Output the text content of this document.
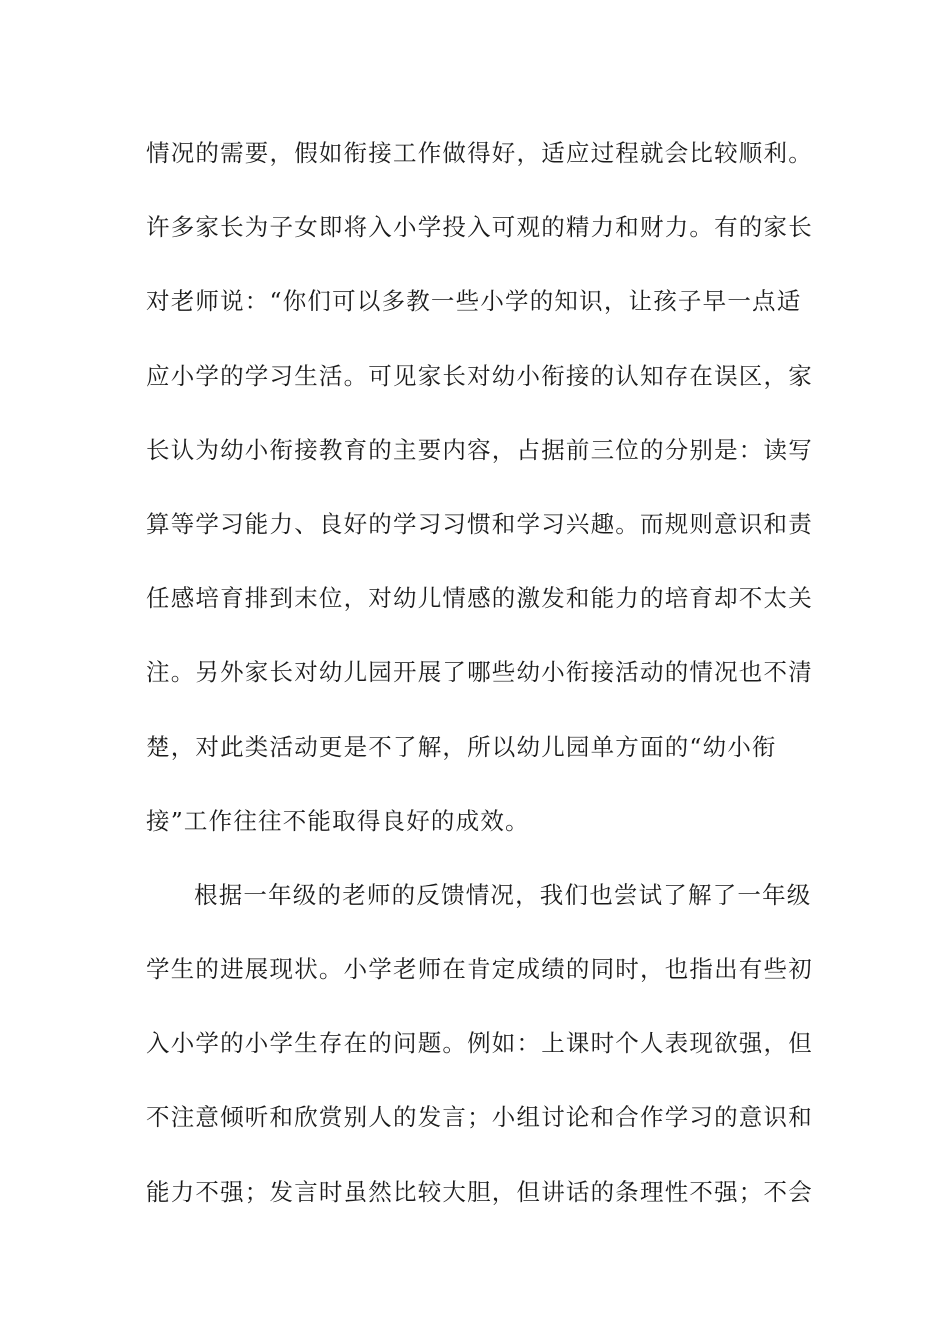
情况的需要，假如衔接工作做得好，适应过程就会比较顺利。
许多家长为子女即将入小学投入可观的精力和财力。有的家长
对老师说：“你们可以多教一些小学的知识，让孩子早一点适
应小学的学习生活。可见家长对幼小衔接的认知存在误区，家
长认为幼小衔接教育的主要内容，占据前三位的分别是：读写
算等学习能力、良好的学习习惯和学习兴趣。而规则意识和责
任感培育排到末位，对幼儿情感的激发和能力的培育却不太关
注。另外家长对幼儿园开展了哪些幼小衔接活动的情况也不清
楚，对此类活动更是不了解，所以幼儿园单方面的“幼小衔
接”工作往往不能取得良好的成效。
根据一年级的老师的反馈情况，我们也尝试了解了一年级
学生的进展现状。小学老师在肯定成绩的同时，也指出有些初
入小学的小学生存在的问题。例如：上课时个人表现欲强，但
不注意倾听和欣赏别人的发言；小组讨论和合作学习的意识和
能力不强；发言时虽然比较大胆，但讲话的条理性不强；不会
